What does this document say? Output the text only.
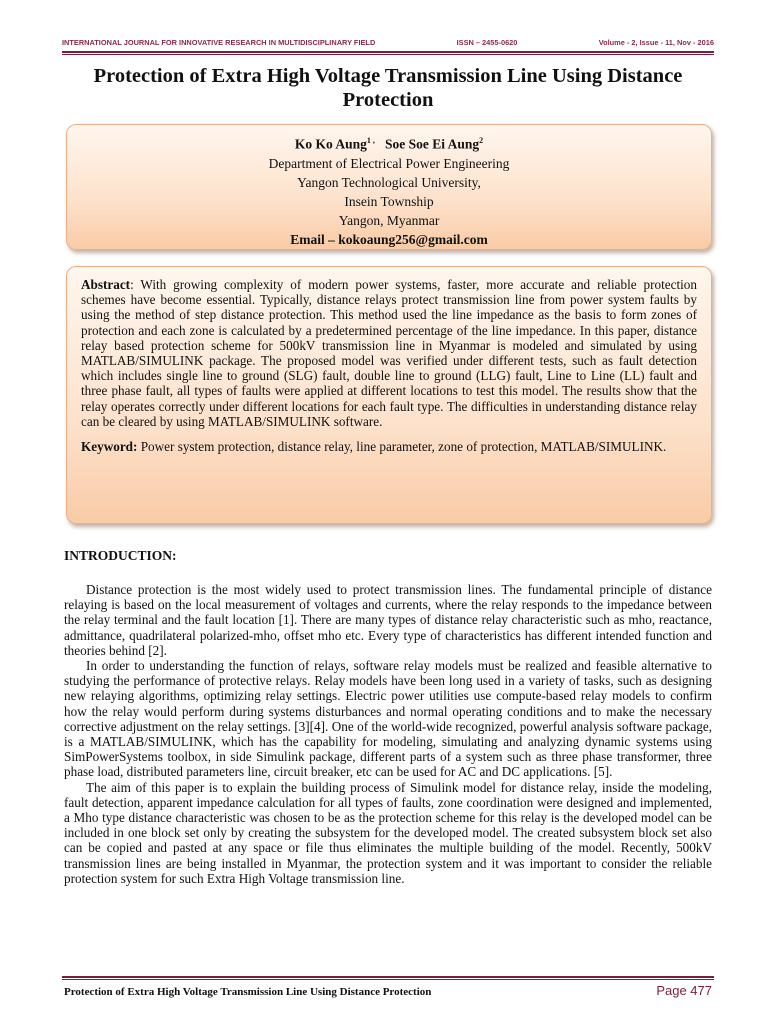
INTERNATIONAL JOURNAL FOR INNOVATIVE RESEARCH IN MULTIDISCIPLINARY FIELD	ISSN – 2455-0620	Volume - 2, Issue - 11, Nov - 2016
Protection of Extra High Voltage Transmission Line Using Distance Protection
Ko Ko Aung$^{1 ,}$ Soe Soe Ei Aung$^2$
Department of Electrical Power Engineering
Yangon Technological University,
Insein Township
Yangon, Myanmar
Email – kokoaung256@gmail.com

Abstract: With growing complexity of modern power systems, faster, more accurate and reliable protection schemes have become essential. Typically, distance relays protect transmission line from power system faults by using the method of step distance protection. This method used the line impedance as the basis to form zones of protection and each zone is calculated by a predetermined percentage of the line impedance. In this paper, distance relay based protection scheme for 500kV transmission line in Myanmar is modeled and simulated by using MATLAB/SIMULINK package. The proposed model was verified under different tests, such as fault detection which includes single line to ground (SLG) fault, double line to ground (LLG) fault, Line to Line (LL) fault and three phase fault, all types of faults were applied at different locations to test this model. The results show that the relay operates correctly under different locations for each fault type. The difficulties in understanding distance relay can be cleared by using MATLAB/SIMULINK software.

Keyword: Power system protection, distance relay, line parameter, zone of protection, MATLAB/SIMULINK.

INTRODUCTION:

Distance protection is the most widely used to protect transmission lines. The fundamental principle of distance relaying is based on the local measurement of voltages and currents, where the relay responds to the impedance between the relay terminal and the fault location [1]. There are many types of distance relay characteristic such as mho, reactance, admittance, quadrilateral polarized-mho, offset mho etc. Every type of characteristics has different intended function and theories behind [2].

In order to understanding the function of relays, software relay models must be realized and feasible alternative to studying the performance of protective relays. Relay models have been long used in a variety of tasks, such as designing new relaying algorithms, optimizing relay settings. Electric power utilities use compute-based relay models to confirm how the relay would perform during systems disturbances and normal operating conditions and to make the necessary corrective adjustment on the relay settings. [3][4]. One of the world-wide recognized, powerful analysis software package, is a MATLAB/SIMULINK, which has the capability for modeling, simulating and analyzing dynamic systems using SimPowerSystems toolbox, in side Simulink package, different parts of a system such as three phase transformer, three phase load, distributed parameters line, circuit breaker, etc can be used for AC and DC applications. [5].

The aim of this paper is to explain the building process of Simulink model for distance relay, inside the modeling, fault detection, apparent impedance calculation for all types of faults, zone coordination were designed and implemented, a Mho type distance characteristic was chosen to be as the protection scheme for this relay is the developed model can be included in one block set only by creating the subsystem for the developed model. The created subsystem block set also can be copied and pasted at any space or file thus eliminates the multiple building of the model. Recently, 500kV transmission lines are being installed in Myanmar, the protection system and it was important to consider the reliable protection system for such Extra High Voltage transmission line.

Protection of Extra High Voltage Transmission Line Using Distance Protection	Page 477
